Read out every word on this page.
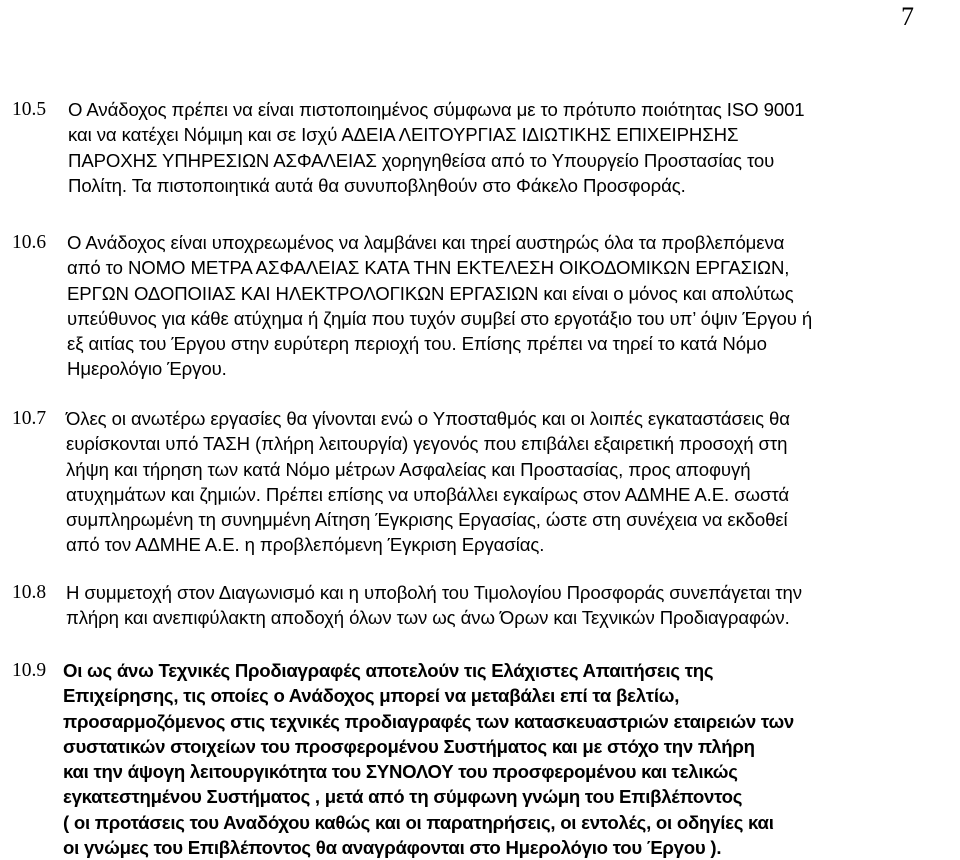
7
10.5 Ο Ανάδοχος πρέπει να είναι πιστοποιημένος σύμφωνα με το πρότυπο ποιότητας ISO 9001
και να κατέχει Νόμιμη και σε Ισχύ ΑΔΕΙΑ ΛΕΙΤΟΥΡΓΙΑΣ ΙΔΙΩΤΙΚΗΣ ΕΠΙΧΕΙΡΗΣΗΣ
ΠΑΡΟΧΗΣ ΥΠΗΡΕΣΙΩΝ ΑΣΦΑΛΕΙΑΣ χορηγηθείσα από το Υπουργείο Προστασίας του
Πολίτη. Τα πιστοποιητικά αυτά θα συνυποβληθούν στο Φάκελο Προσφοράς.
10.6 Ο Ανάδοχος είναι υποχρεωμένος να λαμβάνει και τηρεί αυστηρώς όλα τα προβλεπόμενα
από το ΝΟΜΟ ΜΕΤΡΑ ΑΣΦΑΛΕΙΑΣ ΚΑΤΑ ΤΗΝ ΕΚΤΕΛΕΣΗ ΟΙΚΟΔΟΜΙΚΩΝ ΕΡΓΑΣΙΩΝ,
ΕΡΓΩΝ ΟΔΟΠΟΙΙΑΣ ΚΑΙ ΗΛΕΚΤΡΟΛΟΓΙΚΩΝ ΕΡΓΑΣΙΩΝ και είναι ο μόνος και απολύτως
υπεύθυνος για κάθε ατύχημα ή ζημία που τυχόν συμβεί στο εργοτάξιο του υπ’ όψιν Έργου ή
εξ αιτίας του Έργου στην ευρύτερη περιοχή του. Επίσης πρέπει να τηρεί το κατά Νόμο
Ημερολόγιο Έργου.
10.7 Όλες οι ανωτέρω εργασίες θα γίνονται ενώ ο Υποσταθμός και οι λοιπές εγκαταστάσεις θα
ευρίσκονται υπό ΤΑΣΗ (πλήρη λειτουργία) γεγονός που επιβάλει εξαιρετική προσοχή στη
λήψη και τήρηση των κατά Νόμο μέτρων Ασφαλείας και Προστασίας, προς αποφυγή
ατυχημάτων και ζημιών. Πρέπει επίσης να υποβάλλει εγκαίρως στον ΑΔΜΗΕ Α.Ε. σωστά
συμπληρωμένη τη συνημμένη Αίτηση Έγκρισης Εργασίας, ώστε στη συνέχεια να εκδοθεί
από τον ΑΔΜΗΕ Α.Ε. η προβλεπόμενη Έγκριση Εργασίας.
10.8 Η συμμετοχή στον Διαγωνισμό και η υποβολή του Τιμολογίου Προσφοράς συνεπάγεται την
πλήρη και ανεπιφύλακτη αποδοχή όλων των ως άνω Όρων και Τεχνικών Προδιαγραφών.
10.9 Οι ως άνω Τεχνικές Προδιαγραφές αποτελούν τις Ελάχιστες Απαιτήσεις της
Επιχείρησης, τις οποίες ο Ανάδοχος μπορεί να μεταβάλει επί τα βελτίω,
προσαρμοζόμενος στις τεχνικές προδιαγραφές των κατασκευαστριών εταιρειών των
συστατικών στοιχείων του προσφερομένου Συστήματος και με στόχο την πλήρη
και την άψογη λειτουργικότητα του ΣΥΝΟΛΟΥ του προσφερομένου και τελικώς
εγκατεστημένου Συστήματος , μετά από τη σύμφωνη γνώμη του Επιβλέποντος
( οι προτάσεις του Αναδόχου καθώς και οι παρατηρήσεις, οι εντολές, οι οδηγίες και
οι γνώμες του Επιβλέποντος θα αναγράφονται στο Ημερολόγιο του Έργου ).
